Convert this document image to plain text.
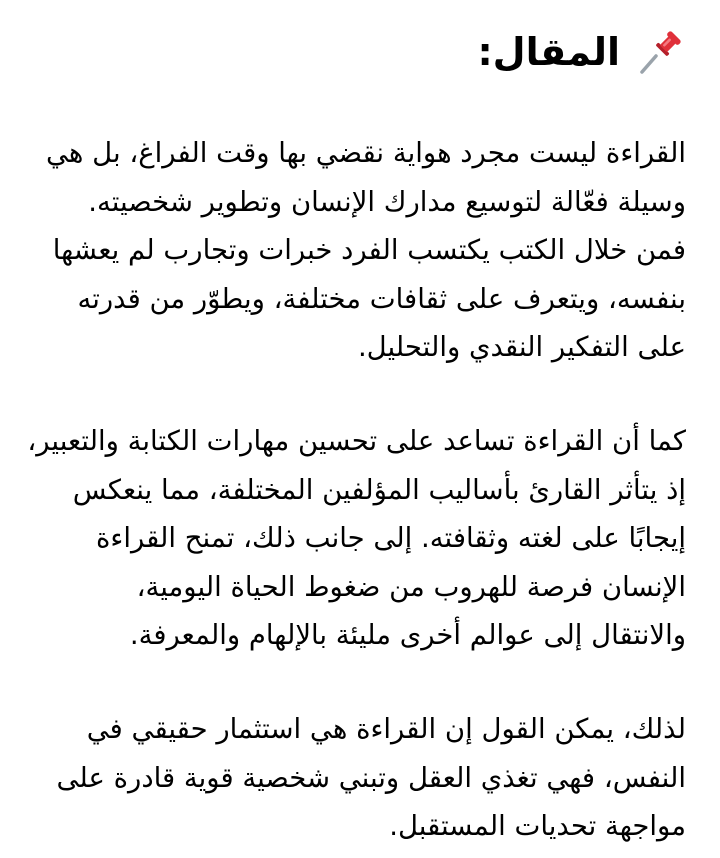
المقال:
القراءة ليست مجرد هواية نقضي بها وقت الفراغ، بل هي
وسيلة فعّالة لتوسيع مدارك الإنسان وتطوير شخصيته.
فمن خلال الكتب يكتسب الفرد خبرات وتجارب لم يعشها
بنفسه، ويتعرف على ثقافات مختلفة، ويطوّر من قدرته
على التفكير النقدي والتحليل.
كما أن القراءة تساعد على تحسين مهارات الكتابة والتعبير،
إذ يتأثر القارئ بأساليب المؤلفين المختلفة، مما ينعكس
إيجابًا على لغته وثقافته. إلى جانب ذلك، تمنح القراءة
الإنسان فرصة للهروب من ضغوط الحياة اليومية،
والانتقال إلى عوالم أخرى مليئة بالإلهام والمعرفة.
لذلك، يمكن القول إن القراءة هي استثمار حقيقي في
النفس، فهي تغذي العقل وتبني شخصية قوية قادرة على
مواجهة تحديات المستقبل.
